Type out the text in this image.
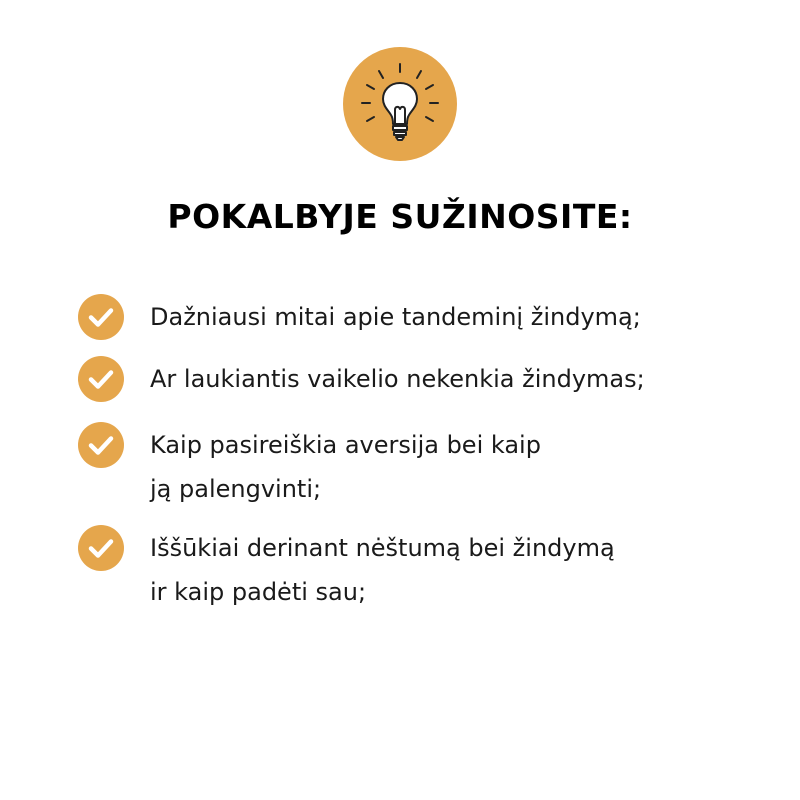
POKALBYJE SUŽINOSITE:
Dažniausi mitai apie tandeminį žindymą;
Ar laukiantis vaikelio nekenkia žindymas;
Kaip pasireiškia aversija bei kaip
ją palengvinti;
Iššūkiai derinant nėštumą bei žindymą
ir kaip padėti sau;
